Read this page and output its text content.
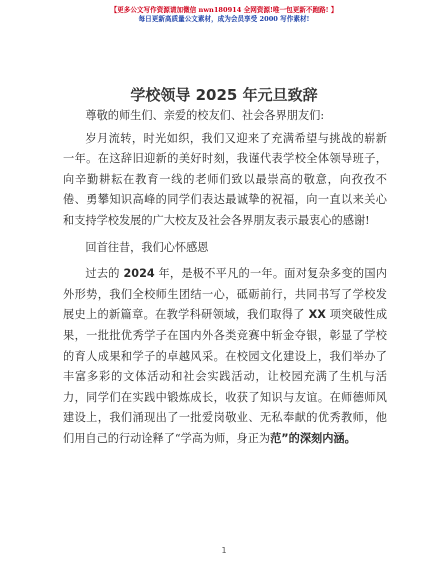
【更多公文写作资源请加微信 nwn180914 全网资源!唯一包更新不跑路! 】
每日更新高质量公文素材，成为会员享受 2000 写作素材!
学校领导 2025 年元旦致辞

尊敬的师生们、亲爱的校友们、社会各界朋友们:

岁月流转，时光如织，我们又迎来了充满希望与挑战的崭新一年。在这辞旧迎新的美好时刻，我谨代表学校全体领导班子，向辛勤耕耘在教育一线的老师们致以最崇高的敬意，向孜孜不倦、勇攀知识高峰的同学们表达最诚挚的祝福，向一直以来关心和支持学校发展的广大校友及社会各界朋友表示最衷心的感谢!

回首往昔，我们心怀感恩

过去的 2024 年，是极不平凡的一年。面对复杂多变的国内外形势，我们全校师生团结一心，砥砺前行，共同书写了学校发展史上的新篇章。在教学科研领域，我们取得了 XX 项突破性成果，一批批优秀学子在国内外各类竞赛中斩金夺银，彰显了学校的育人成果和学子的卓越风采。在校园文化建设上，我们举办了丰富多彩的文体活动和社会实践活动，让校园充满了生机与活力，同学们在实践中锻炼成长，收获了知识与友谊。在师德师风建设上，我们涌现出了一批爱岗敬业、无私奉献的优秀教师，他们用自己的行动诠释了“学高为师，身正为范”的深刻内涵。

1
